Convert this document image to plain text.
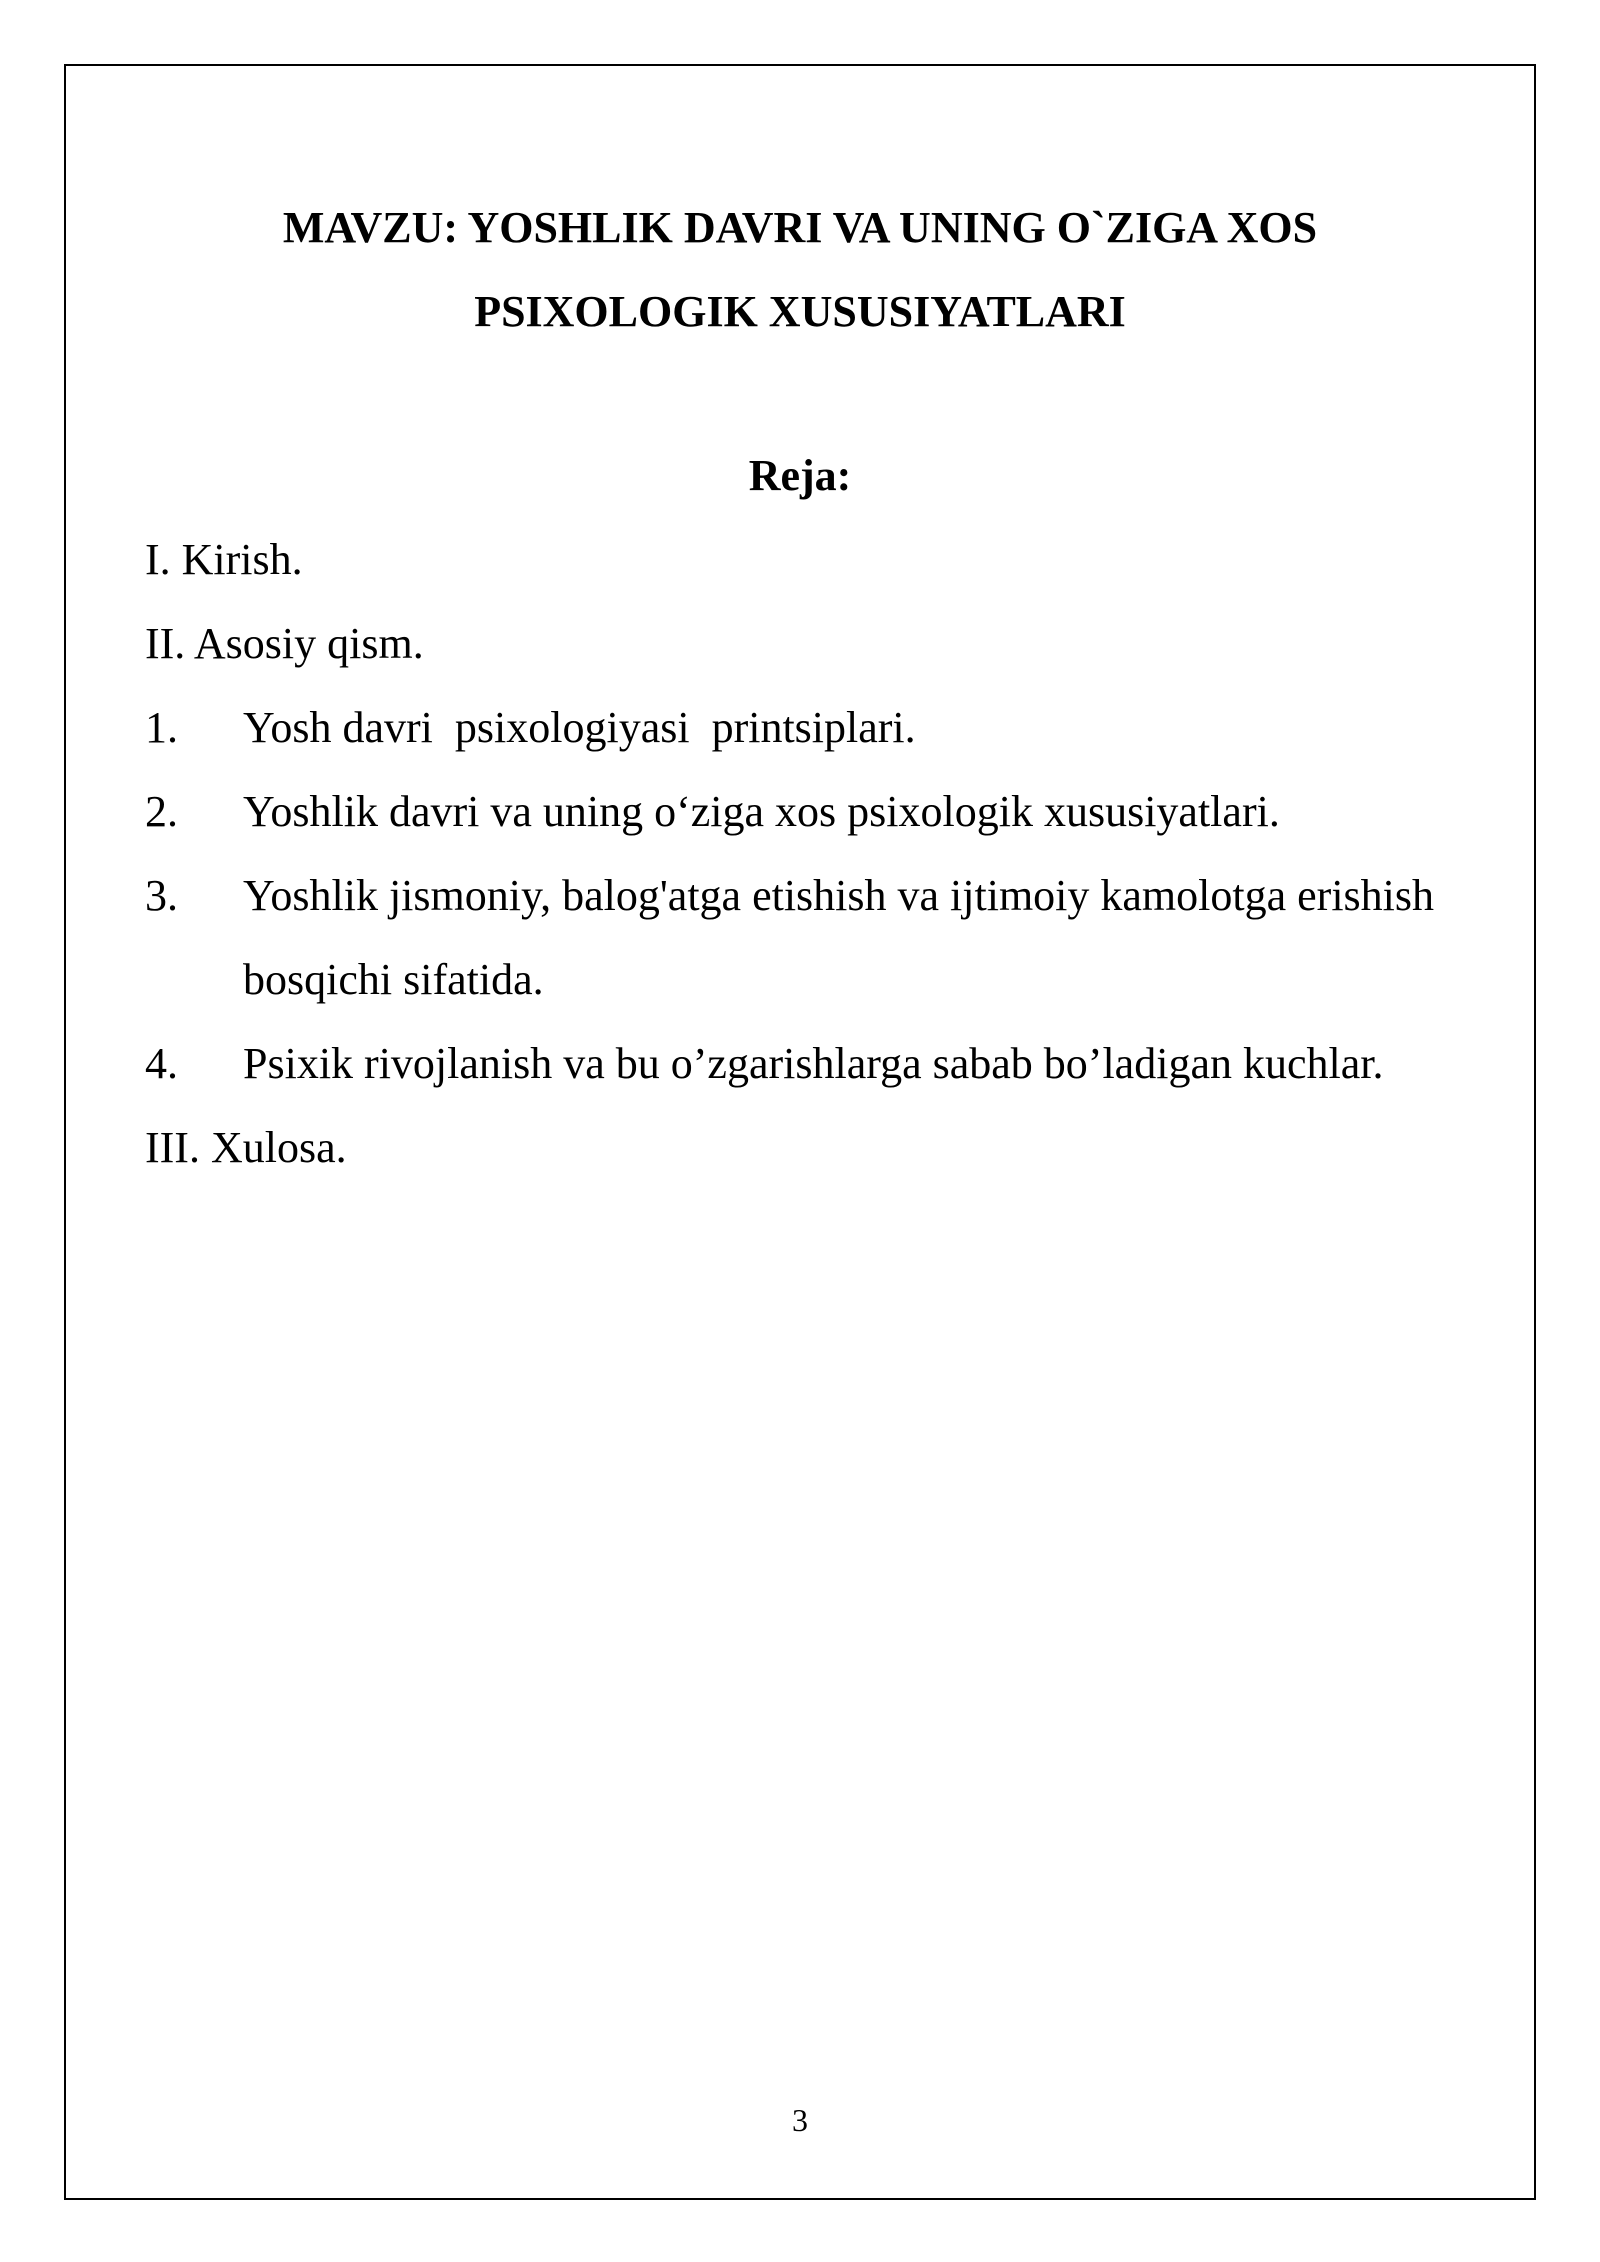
MAVZU: YOSHLIK DAVRI VA UNING O`ZIGA XOS
PSIXOLOGIK XUSUSIYATLARI
Reja:
I. Kirish.
II. Asosiy qism.
1.	Yosh davri  psixologiyasi  printsiplari.
2.	Yoshlik davri va uning o‘ziga xos psixologik xususiyatlari.
3.	Yoshlik jismoniy, balog'atga etishish va ijtimoiy kamolotga erishish bosqichi sifatida.
4.	Psixik rivojlanish va bu o’zgarishlarga sabab bo’ladigan kuchlar.
III. Xulosa.
3
